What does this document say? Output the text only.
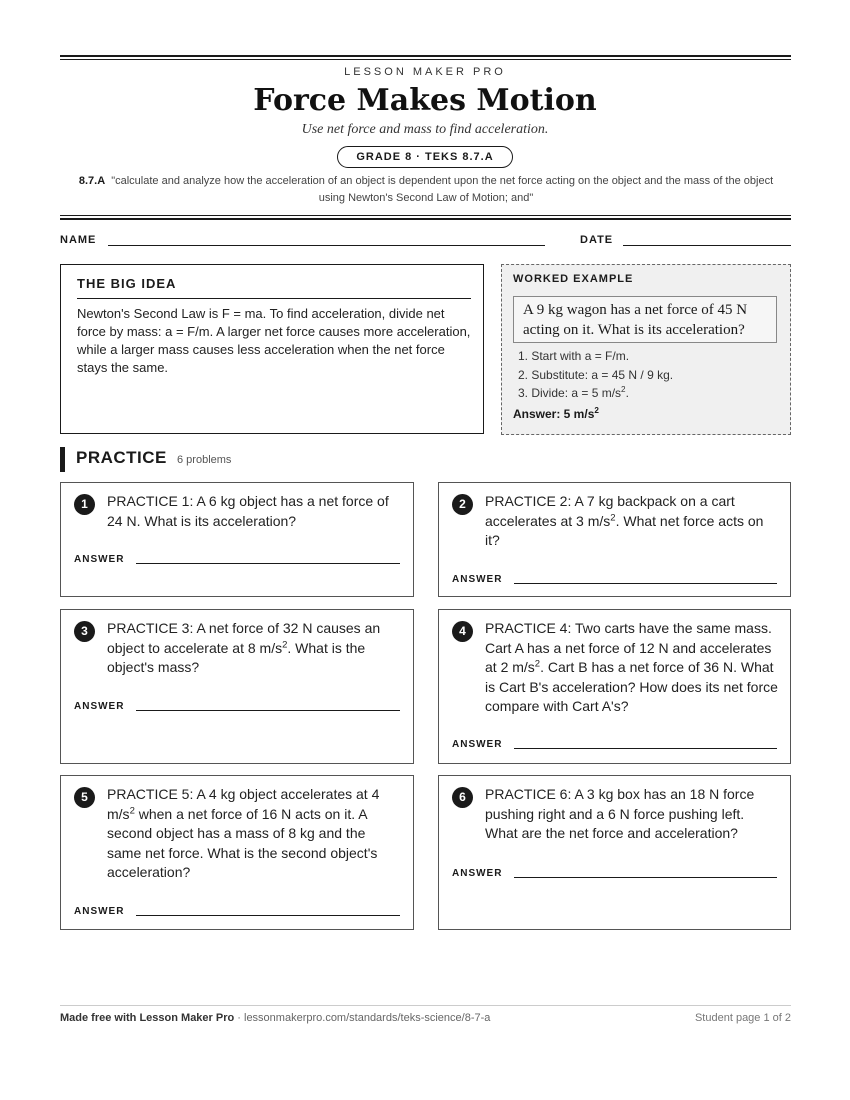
LESSON MAKER PRO
Force Makes Motion
Use net force and mass to find acceleration.
GRADE 8 · TEKS 8.7.A
8.7.A "calculate and analyze how the acceleration of an object is dependent upon the net force acting on the object and the mass of the object using Newton's Second Law of Motion; and"
NAME	DATE
THE BIG IDEA
Newton's Second Law is F = ma. To find acceleration, divide net force by mass: a = F/m. A larger net force causes more acceleration, while a larger mass causes less acceleration when the net force stays the same.
WORKED EXAMPLE
A 9 kg wagon has a net force of 45 N acting on it. What is its acceleration?
1. Start with a = F/m.
2. Substitute: a = 45 N / 9 kg.
3. Divide: a = 5 $m/s^2$.
Answer: 5 $m/s^2$
PRACTICE 6 problems
1	PRACTICE 1: A 6 kg object has a net force of 24 N. What is its acceleration?
ANSWER
2	PRACTICE 2: A 7 kg backpack on a cart accelerates at 3 $m/s^2$. What net force acts on it?
ANSWER
3	PRACTICE 3: A net force of 32 N causes an object to accelerate at 8 $m/s^2$. What is the object's mass?
ANSWER
4	PRACTICE 4: Two carts have the same mass. Cart A has a net force of 12 N and accelerates at 2 $m/s^2$. Cart B has a net force of 36 N. What is Cart B's acceleration? How does its net force compare with Cart A's?
ANSWER
5	PRACTICE 5: A 4 kg object accelerates at 4 $m/s^2$ when a net force of 16 N acts on it. A second object has a mass of 8 kg and the same net force. What is the second object's acceleration?
ANSWER
6	PRACTICE 6: A 3 kg box has an 18 N force pushing right and a 6 N force pushing left. What are the net force and acceleration?
ANSWER
Made free with Lesson Maker Pro · lessonmakerpro.com/standards/teks-science/8-7-a	Student page 1 of 2
